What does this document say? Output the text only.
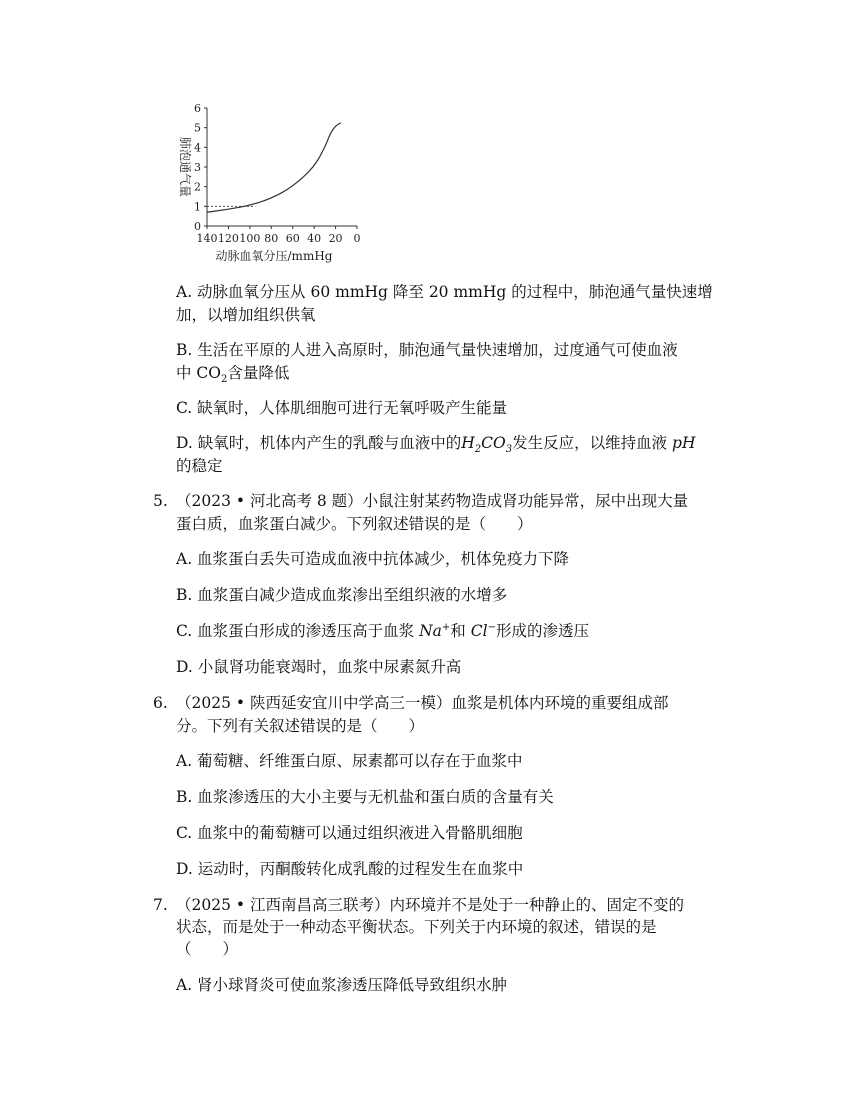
0
1
2
3
4
5
6
140 120 100 80 60 40 20 0
肺泡通气量
动脉血氧分压/mmHg
A. 动脉血氧分压从 60 mmHg 降至 20 mmHg 的过程中，肺泡通气量快速增
加，以增加组织供氧
B. 生活在平原的人进入高原时，肺泡通气量快速增加，过度通气可使血液
中 $CO_2$含量降低
C. 缺氧时，人体肌细胞可进行无氧呼吸产生能量
D. 缺氧时，机体内产生的乳酸与血液中的$H_2CO_3$发生反应，以维持血液 pH
的稳定
5. （2023 • 河北高考 8 题）小鼠注射某药物造成肾功能异常，尿中出现大量
蛋白质，血浆蛋白减少。下列叙述错误的是（　　）
A. 血浆蛋白丢失可造成血液中抗体减少，机体免疫力下降
B. 血浆蛋白减少造成血浆渗出至组织液的水增多
C. 血浆蛋白形成的渗透压高于血浆 Na+和 Cl−形成的渗透压
D. 小鼠肾功能衰竭时，血浆中尿素氮升高
6. （2025 • 陕西延安宜川中学高三一模）血浆是机体内环境的重要组成部
分。下列有关叙述错误的是（　　）
A. 葡萄糖、纤维蛋白原、尿素都可以存在于血浆中
B. 血浆渗透压的大小主要与无机盐和蛋白质的含量有关
C. 血浆中的葡萄糖可以通过组织液进入骨骼肌细胞
D. 运动时，丙酮酸转化成乳酸的过程发生在血浆中
7. （2025 • 江西南昌高三联考）内环境并不是处于一种静止的、固定不变的
状态，而是处于一种动态平衡状态。下列关于内环境的叙述，错误的是
（　　）
A. 肾小球肾炎可使血浆渗透压降低导致组织水肿
